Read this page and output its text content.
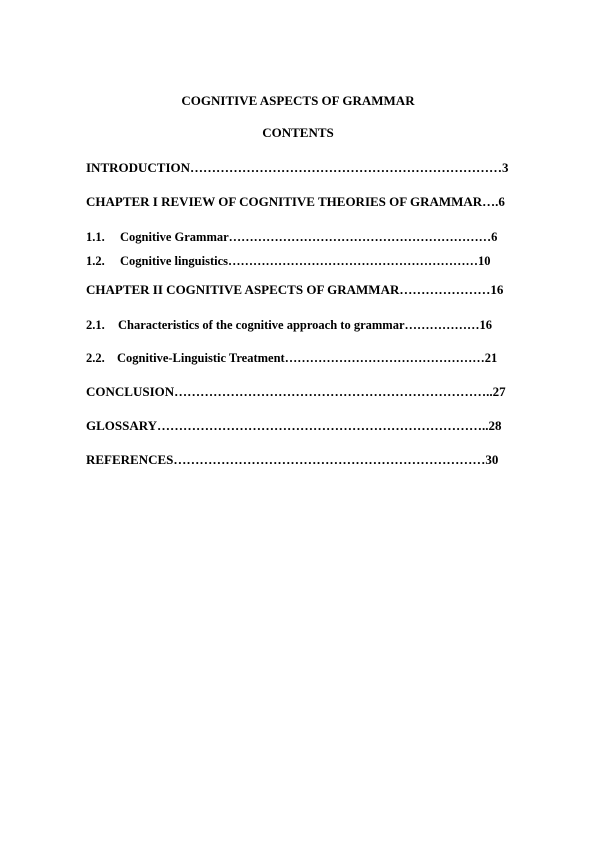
COGNITIVE ASPECTS OF GRAMMAR
CONTENTS
INTRODUCTION………………………………………………………………3
CHAPTER I REVIEW OF COGNITIVE THEORIES OF GRAMMAR….6
1.1. Cognitive Grammar………………………………………………………6
1.2. Cognitive linguistics……………………………………………………10
CHAPTER II COGNITIVE ASPECTS OF GRAMMAR…………………16
2.1. Characteristics of the cognitive approach to grammar………………16
2.2. Cognitive-Linguistic Treatment…………………………………………21
CONCLUSION………………………………………………………………..27
GLOSSARY…………………………………………………………………..28
REFERENCES………………………………………………………………30
